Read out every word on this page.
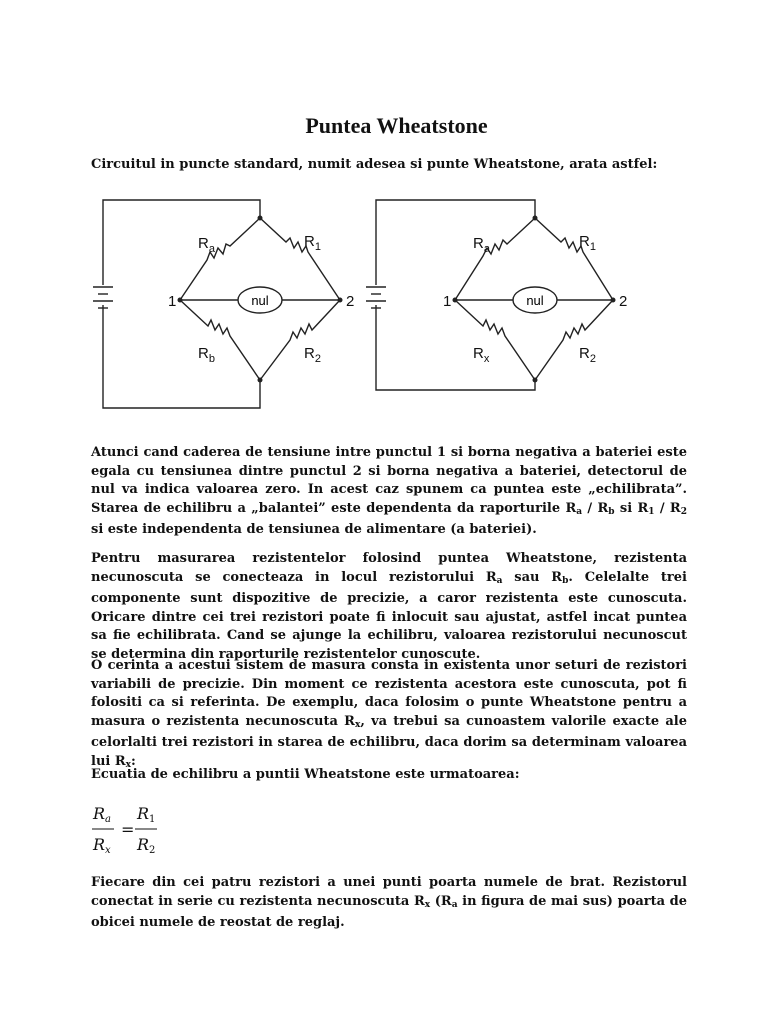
Puntea Wheatstone
Circuitul in puncte standard, numit adesea si punte Wheatstone, arata astfel:
nul
$R_a$	$R_1$
$R_b$	$R_2$
1	2	nul
$R_a$	$R_1$
$R_x$	$R_2$
1	2

Atunci cand caderea de tensiune intre punctul 1 si borna negativa a bateriei este egala cu tensiunea dintre punctul 2 si borna negativa a bateriei, detectorul de nul va indica valoarea zero. In acest caz spunem ca puntea este „echilibrata”. Starea de echilibru a „balantei” este dependenta da raporturile $R_a / R_b$ si $R_1 / R_2$ si este independenta de tensiunea de alimentare (a bateriei).

Pentru masurarea rezistentelor folosind puntea Wheatstone, rezistenta necunoscuta se conecteaza in locul rezistorului $R_a$ sau $R_b$. Celelalte trei componente sunt dispozitive de precizie, a caror rezistenta este cunoscuta. Oricare dintre cei trei rezistori poate fi inlocuit sau ajustat, astfel incat puntea sa fie echilibrata. Cand se ajunge la echilibru, valoarea rezistorului necunoscut se determina din raporturile rezistentelor cunoscute.

O cerinta a acestui sistem de masura consta in existenta unor seturi de rezistori variabili de precizie. Din moment ce rezistenta acestora este cunoscuta, pot fi folositi ca si referinta. De exemplu, daca folosim o punte Wheatstone pentru a masura o rezistenta necunoscuta $R_x$, va trebui sa cunoastem valorile exacte ale celorlalti trei rezistori in starea de echilibru, daca dorim sa determinam valoarea lui $R_x$:

Ecuatia de echilibru a puntii Wheatstone este urmatoarea:
Ra
Rx
R1
R2
=

Fiecare din cei patru rezistori a unei punti poarta numele de brat. Rezistorul conectat in serie cu rezistenta necunoscuta $R_x$ ($R_a$ in figura de mai sus) poarta de obicei numele de reostat de reglaj.
